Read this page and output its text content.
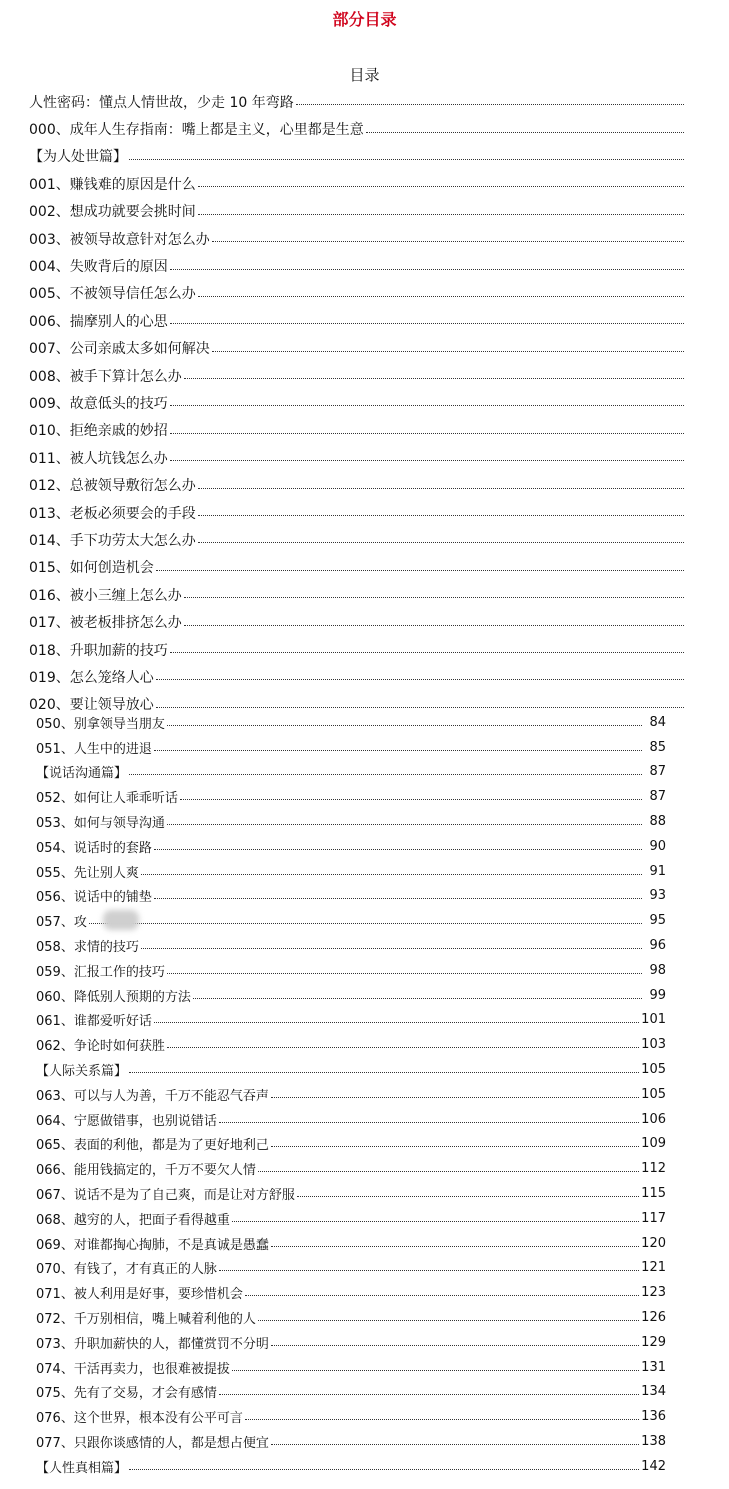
部分目录
目录
人性密码：懂点人情世故，少走 10 年弯路
000、成年人生存指南：嘴上都是主义，心里都是生意
【为人处世篇】
001、赚钱难的原因是什么
002、想成功就要会挑时间
003、被领导故意针对怎么办
004、失败背后的原因
005、不被领导信任怎么办
006、揣摩别人的心思
007、公司亲戚太多如何解决
008、被手下算计怎么办
009、故意低头的技巧
010、拒绝亲戚的妙招
011、被人坑钱怎么办
012、总被领导敷衍怎么办
013、老板必须要会的手段
014、手下功劳太大怎么办
015、如何创造机会
016、被小三缠上怎么办
017、被老板排挤怎么办
018、升职加薪的技巧
019、怎么笼络人心
020、要让领导放心
050、别拿领导当朋友	84
051、人生中的进退	85
【说话沟通篇】	87
052、如何让人乖乖听话	87
053、如何与领导沟通	88
054、说话时的套路	90
055、先让别人爽	91
056、说话中的铺垫	93
057、攻	95
058、求情的技巧	96
059、汇报工作的技巧	98
060、降低别人预期的方法	99
061、谁都爱听好话	101
062、争论时如何获胜	103
【人际关系篇】	105
063、可以与人为善，千万不能忍气吞声	105
064、宁愿做错事，也别说错话	106
065、表面的利他，都是为了更好地利己	109
066、能用钱搞定的，千万不要欠人情	112
067、说话不是为了自己爽，而是让对方舒服	115
068、越穷的人，把面子看得越重	117
069、对谁都掏心掏肺，不是真诚是愚蠢	120
070、有钱了，才有真正的人脉	121
071、被人利用是好事，要珍惜机会	123
072、千万别相信，嘴上喊着利他的人	126
073、升职加薪快的人，都懂赏罚不分明	129
074、干活再卖力，也很难被提拔	131
075、先有了交易，才会有感情	134
076、这个世界，根本没有公平可言	136
077、只跟你谈感情的人，都是想占便宜	138
【人性真相篇】	142
